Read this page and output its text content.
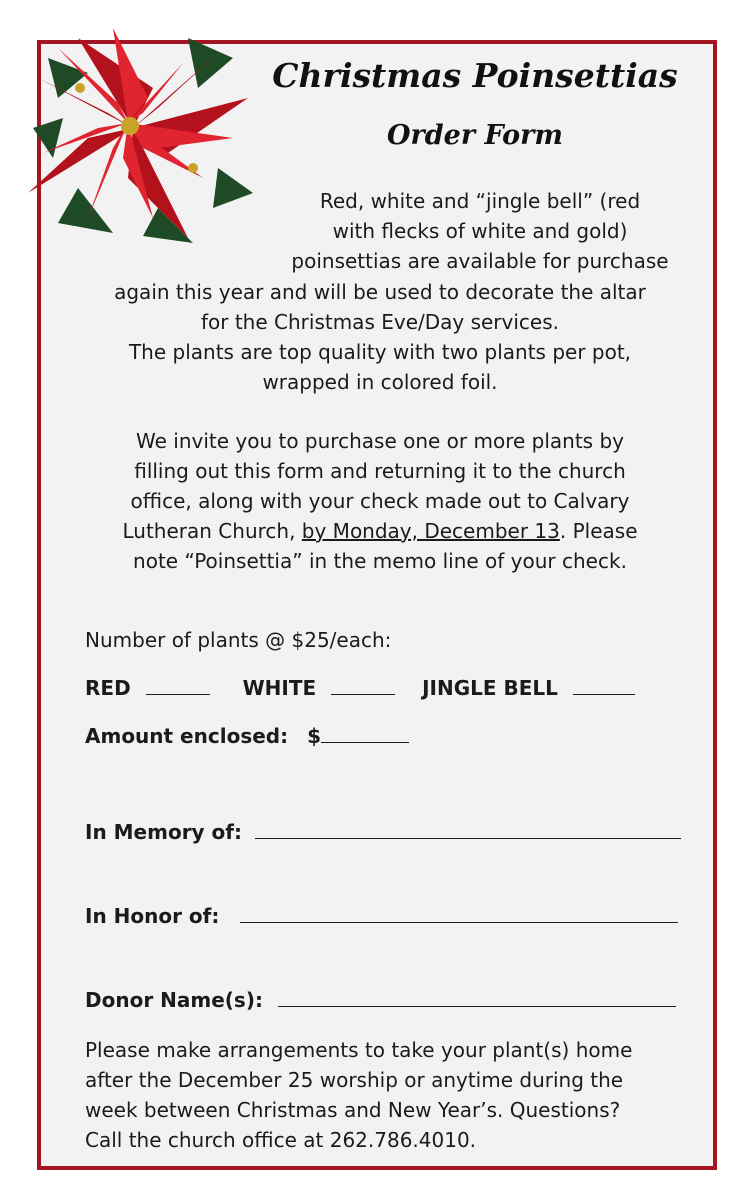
Christmas Poinsettias
Order Form
Red, white and “jingle bell” (red
with flecks of white and gold)
poinsettias are available for purchase
again this year and will be used to decorate the altar
for the Christmas Eve/Day services.
The plants are top quality with two plants per pot,
wrapped in colored foil.
We invite you to purchase one or more plants by
filling out this form and returning it to the church
office, along with your check made out to Calvary
Lutheran Church, by Monday, December 13. Please
note “Poinsettia” in the memo line of your check.
Number of plants @ $25/each:
RED	WHITE	JINGLE BELL
Amount enclosed: $
In Memory of:
In Honor of:
Donor Name(s):
Please make arrangements to take your plant(s) home
after the December 25 worship or anytime during the
week between Christmas and New Year’s. Questions?
Call the church office at 262.786.4010.
